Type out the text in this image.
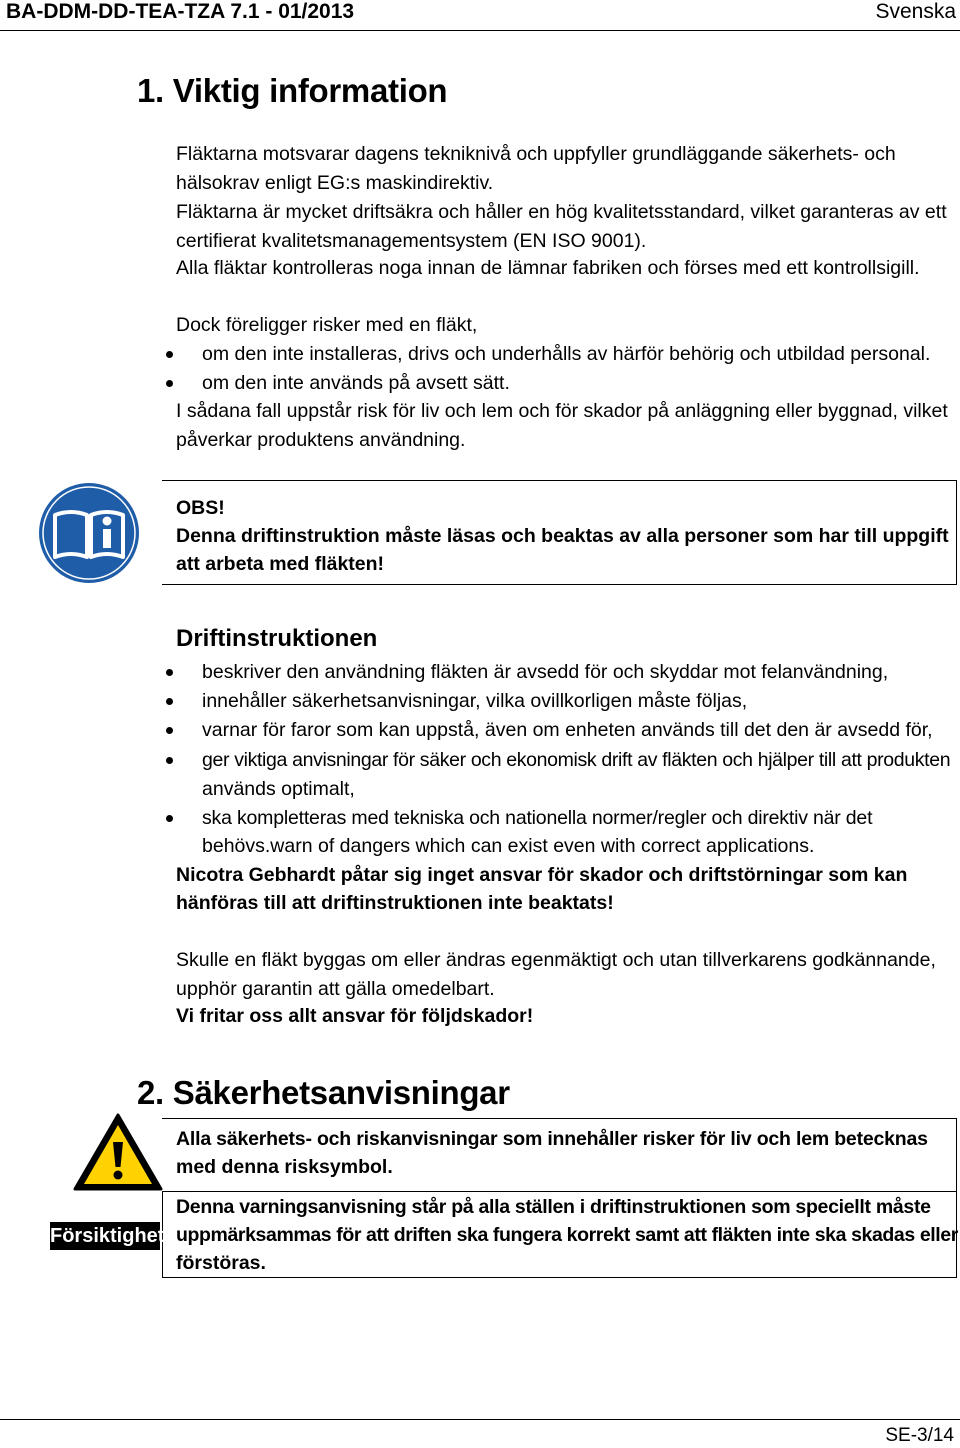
BA-DDM-DD-TEA-TZA 7.1 - 01/2013	Svenska
1. Viktig information
Fläktarna motsvarar dagens tekniknivå och uppfyller grundläggande säkerhets- och
hälsokrav enligt EG:s maskindirektiv.
Fläktarna är mycket driftsäkra och håller en hög kvalitetsstandard, vilket garanteras av ett
certifierat kvalitetsmanagementsystem (EN ISO 9001).
Alla fläktar kontrolleras noga innan de lämnar fabriken och förses med ett kontrollsigill.
Dock föreligger risker med en fläkt,
om den inte installeras, drivs och underhålls av härför behörig och utbildad personal.
om den inte används på avsett sätt.
I sådana fall uppstår risk för liv och lem och för skador på anläggning eller byggnad, vilket
påverkar produktens användning.
OBS!
Denna driftinstruktion måste läsas och beaktas av alla personer som har till uppgift
att arbeta med fläkten!
Driftinstruktionen
beskriver den användning fläkten är avsedd för och skyddar mot felanvändning,
innehåller säkerhetsanvisningar, vilka ovillkorligen måste följas,
varnar för faror som kan uppstå, även om enheten används till det den är avsedd för,
ger viktiga anvisningar för säker och ekonomisk drift av fläkten och hjälper till att produkten
används optimalt,
ska kompletteras med tekniska och nationella normer/regler och direktiv när det
behövs.warn of dangers which can exist even with correct applications.
Nicotra Gebhardt påtar sig inget ansvar för skador och driftstörningar som kan
hänföras till att driftinstruktionen inte beaktats!
Skulle en fläkt byggas om eller ändras egenmäktigt och utan tillverkarens godkännande,
upphör garantin att gälla omedelbart.
Vi fritar oss allt ansvar för följdskador!
2. Säkerhetsanvisningar
Alla säkerhets- och riskanvisningar som innehåller risker för liv och lem betecknas
med denna risksymbol.
Försiktighet
Denna varningsanvisning står på alla ställen i driftinstruktionen som speciellt måste
uppmärksammas för att driften ska fungera korrekt samt att fläkten inte ska skadas eller
förstöras.
SE-3/14
